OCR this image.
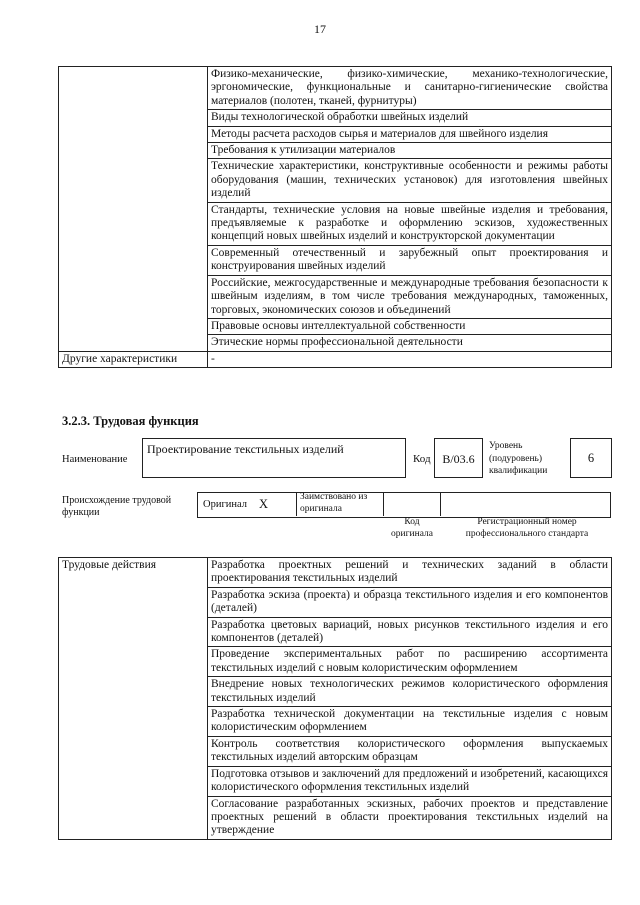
17
	Физико-механические, физико-химические, механико-технологические, эргономические, функциональные и санитарно-гигиенические свойства материалов (полотен, тканей, фурнитуры)
	Виды технологической обработки швейных изделий
	Методы расчета расходов сырья и материалов для швейного изделия
	Требования к утилизации материалов
	Технические характеристики, конструктивные особенности и режимы работы оборудования (машин, технических установок) для изготовления швейных изделий
	Стандарты, технические условия на новые швейные изделия и требования, предъявляемые к разработке и оформлению эскизов, художественных концепций новых швейных изделий и конструкторской документации
	Современный отечественный и зарубежный опыт проектирования и конструирования швейных изделий
	Российские, межгосударственные и международные требования безопасности к швейным изделиям, в том числе требования международных, таможенных, торговых, экономических союзов и объединений
	Правовые основы интеллектуальной собственности
	Этические нормы профессиональной деятельности
Другие характеристики	-
3.2.3. Трудовая функция
Наименование
Проектирование текстильных изделий
Код В/03.6
Уровень (подуровень) квалификации
6
Происхождение трудовой функции
Оригинал X	Заимствовано из оригинала
Код оригинала
Регистрационный номер профессионального стандарта
Трудовые действия	Разработка проектных решений и технических заданий в области проектирования текстильных изделий
Разработка эскиза (проекта) и образца текстильного изделия и его компонентов (деталей)
Разработка цветовых вариаций, новых рисунков текстильного изделия и его компонентов (деталей)
Проведение экспериментальных работ по расширению ассортимента текстильных изделий с новым колористическим оформлением
Внедрение новых технологических режимов колористического оформления текстильных изделий
Разработка технической документации на текстильные изделия с новым колористическим оформлением
Контроль соответствия колористического оформления выпускаемых текстильных изделий авторским образцам
Подготовка отзывов и заключений для предложений и изобретений, касающихся колористического оформления текстильных изделий
Согласование разработанных эскизных, рабочих проектов и представление проектных решений в области проектирования текстильных изделий на утверждение
